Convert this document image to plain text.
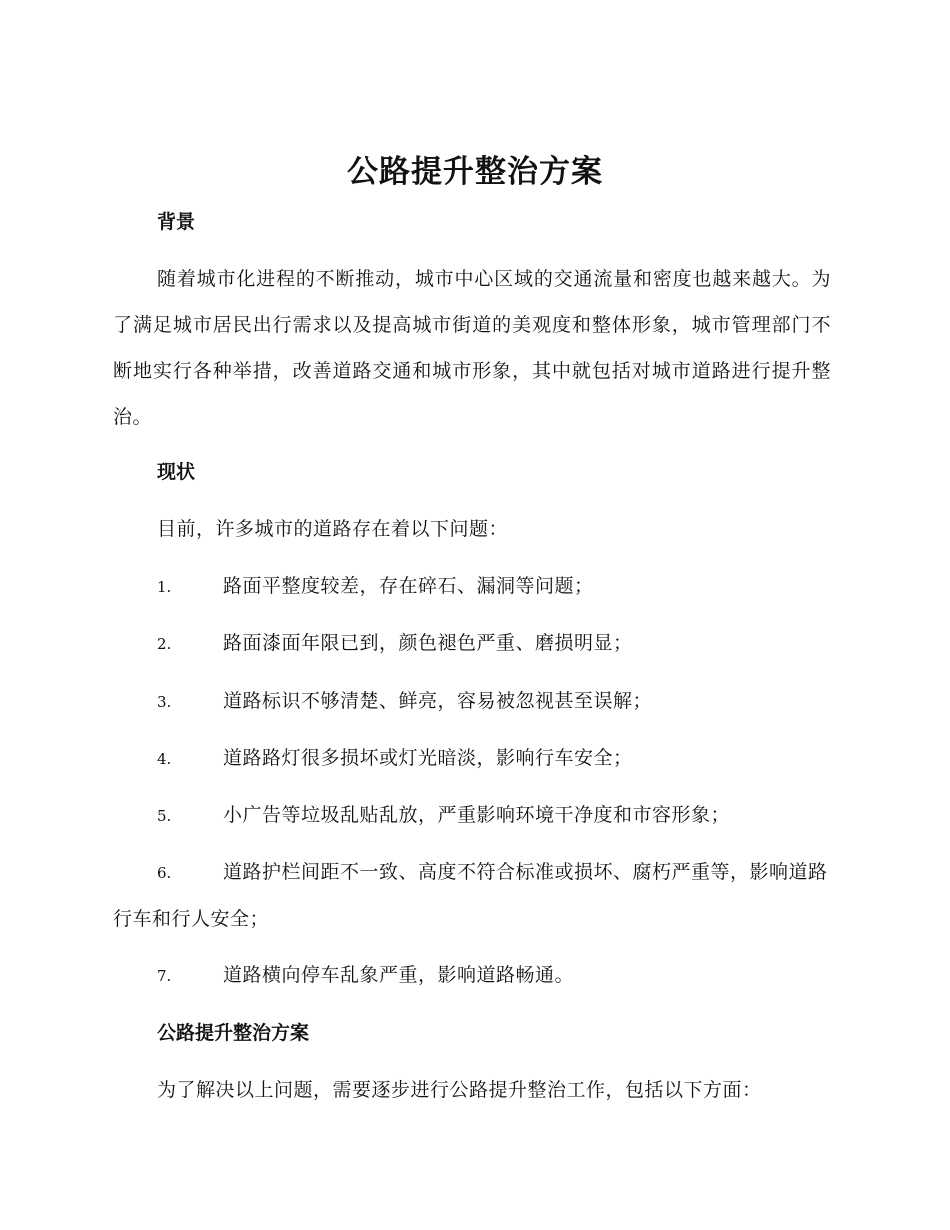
公路提升整治方案
背景
随着城市化进程的不断推动，城市中心区域的交通流量和密度也越来越大。为了满足城市居民出行需求以及提高城市街道的美观度和整体形象，城市管理部门不断地实行各种举措，改善道路交通和城市形象，其中就包括对城市道路进行提升整治。
现状
目前，许多城市的道路存在着以下问题：
1.	路面平整度较差，存在碎石、漏洞等问题；
2.	路面漆面年限已到，颜色褪色严重、磨损明显；
3.	道路标识不够清楚、鲜亮，容易被忽视甚至误解；
4.	道路路灯很多损坏或灯光暗淡，影响行车安全；
5.	小广告等垃圾乱贴乱放，严重影响环境干净度和市容形象；
6.	道路护栏间距不一致、高度不符合标准或损坏、腐朽严重等，影响道路行车和行人安全；
7.	道路横向停车乱象严重，影响道路畅通。
公路提升整治方案
为了解决以上问题，需要逐步进行公路提升整治工作，包括以下方面：
